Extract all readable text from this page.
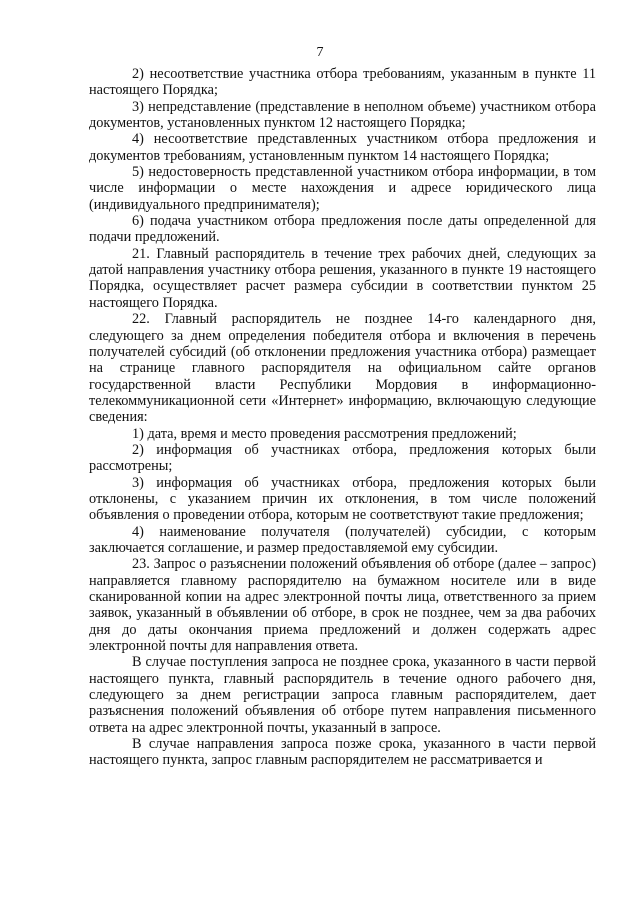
7

2) несоответствие участника отбора требованиям, указанным в пункте 11 настоящего Порядка;

3) непредставление (представление в неполном объеме) участником отбора документов, установленных пунктом 12 настоящего Порядка;

4) несоответствие представленных участником отбора предложения и документов требованиям, установленным пунктом 14 настоящего Порядка;

5) недостоверность представленной участником отбора информации, в том числе информации о месте нахождения и адресе юридического лица (индивидуального предпринимателя);

6) подача участником отбора предложения после даты определенной для подачи предложений.

21. Главный распорядитель в течение трех рабочих дней, следующих за датой направления участнику отбора решения, указанного в пункте 19 настоящего Порядка, осуществляет расчет размера субсидии в соответствии пунктом 25 настоящего Порядка.

22. Главный распорядитель не позднее 14-го календарного дня, следующего за днем определения победителя отбора и включения в перечень получателей субсидий (об отклонении предложения участника отбора) размещает на странице главного распорядителя на официальном сайте органов государственной власти Республики Мордовия в информационно-телекоммуникационной сети «Интернет» информацию, включающую следующие сведения:

1) дата, время и место проведения рассмотрения предложений;

2) информация об участниках отбора, предложения которых были рассмотрены;

3) информация об участниках отбора, предложения которых были отклонены, с указанием причин их отклонения, в том числе положений объявления о проведении отбора, которым не соответствуют такие предложения;

4) наименование получателя (получателей) субсидии, с которым заключается соглашение, и размер предоставляемой ему субсидии.

23. Запрос о разъяснении положений объявления об отборе (далее – запрос) направляется главному распорядителю на бумажном носителе или в виде сканированной копии на адрес электронной почты лица, ответственного за прием заявок, указанный в объявлении об отборе, в срок не позднее, чем за два рабочих дня до даты окончания приема предложений и должен содержать адрес электронной почты для направления ответа.

В случае поступления запроса не позднее срока, указанного в части первой настоящего пункта, главный распорядитель в течение одного рабочего дня, следующего за днем регистрации запроса главным распорядителем, дает разъяснения положений объявления об отборе путем направления письменного ответа на адрес электронной почты, указанный в запросе.

В случае направления запроса позже срока, указанного в части первой настоящего пункта, запрос главным распорядителем не рассматривается и
